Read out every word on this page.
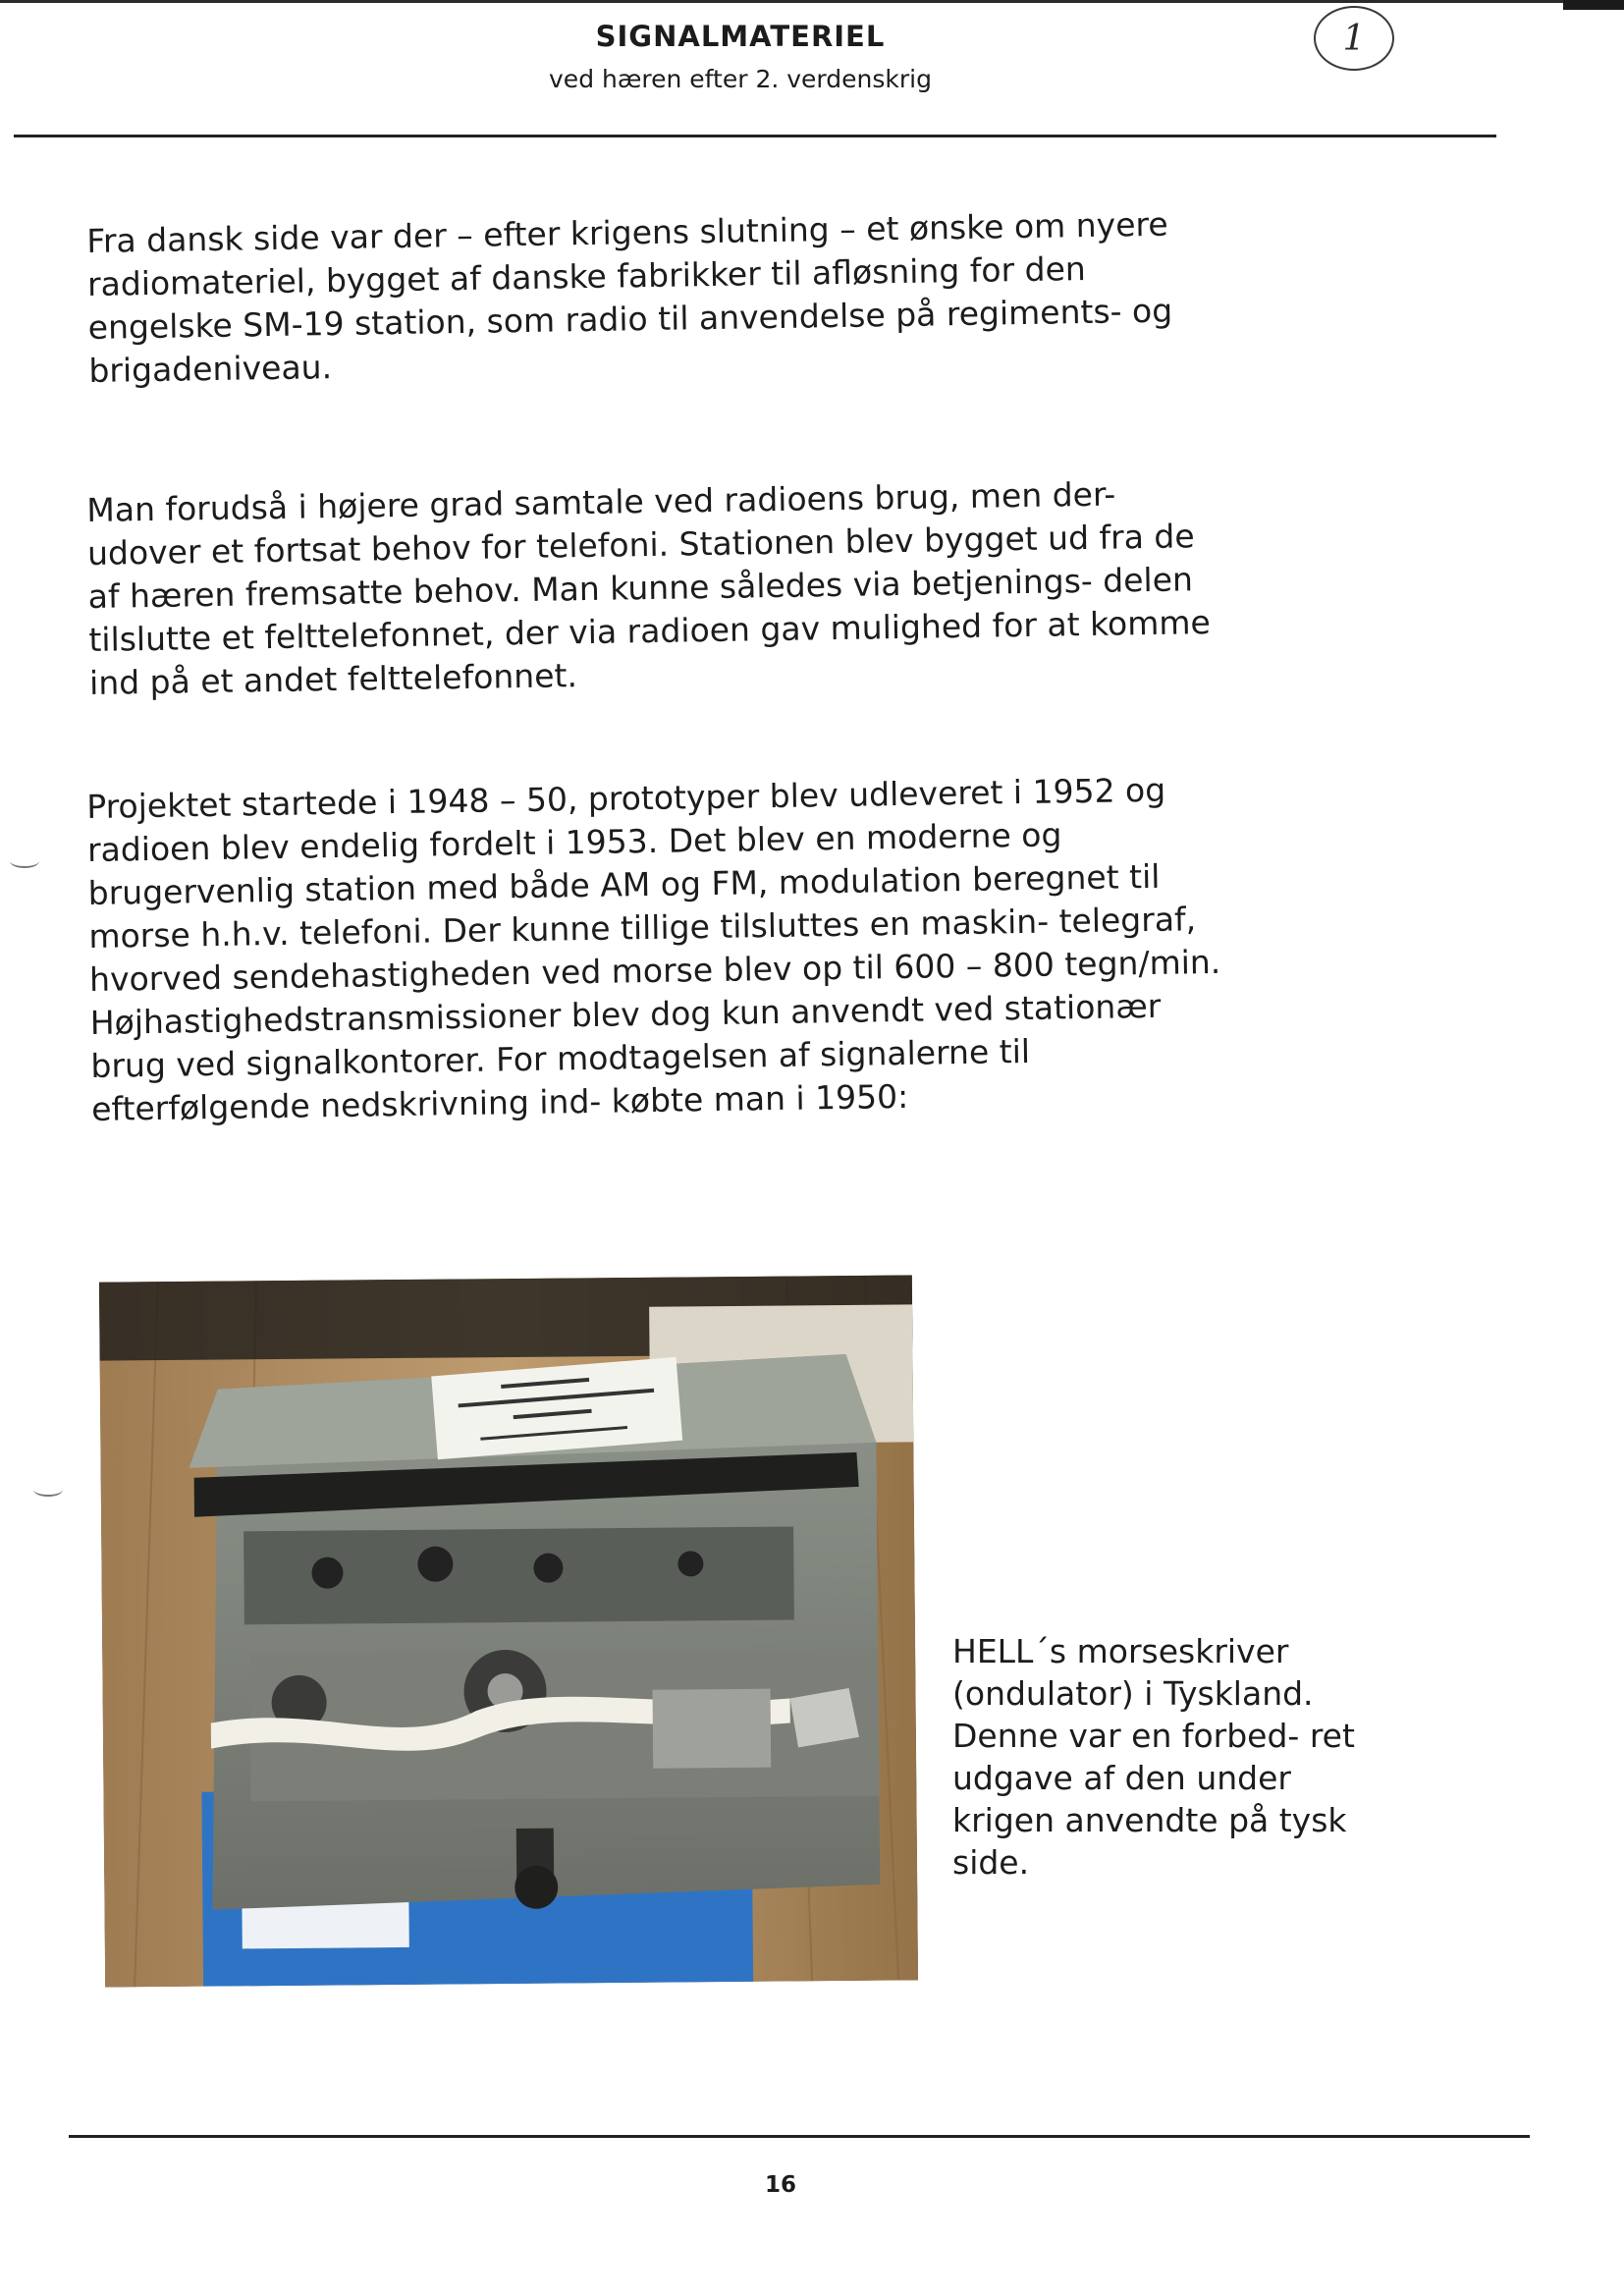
SIGNALMATERIEL
ved hæren efter 2. verdenskrig
1

Fra dansk side var der – efter krigens slutning – et ønske om nyere radiomateriel, bygget af danske fabrikker til afløsning for den engelske SM-19 station, som radio til anvendelse på regiments- og brigadeniveau.

Man forudså i højere grad samtale ved radioens brug, men der- udover et fortsat behov for telefoni. Stationen blev bygget ud fra de af hæren fremsatte behov. Man kunne således via betjenings- delen tilslutte et felttelefonnet, der via radioen gav mulighed for at komme ind på et andet felttelefonnet.

Projektet startede i 1948 – 50, prototyper blev udleveret i 1952 og radioen blev endelig fordelt i 1953. Det blev en moderne og brugervenlig station med både AM og FM, modulation beregnet til morse h.h.v. telefoni. Der kunne tillige tilsluttes en maskin- telegraf, hvorved sendehastigheden ved morse blev op til 600 – 800 tegn/min. Højhastighedstransmissioner blev dog kun anvendt ved stationær brug ved signalkontorer. For modtagelsen af signalerne til efterfølgende nedskrivning ind- købte man i 1950:

HELL´s morseskriver (ondulator) i Tyskland. Denne var en forbed- ret udgave af den under krigen anvendte på tysk side.

16
